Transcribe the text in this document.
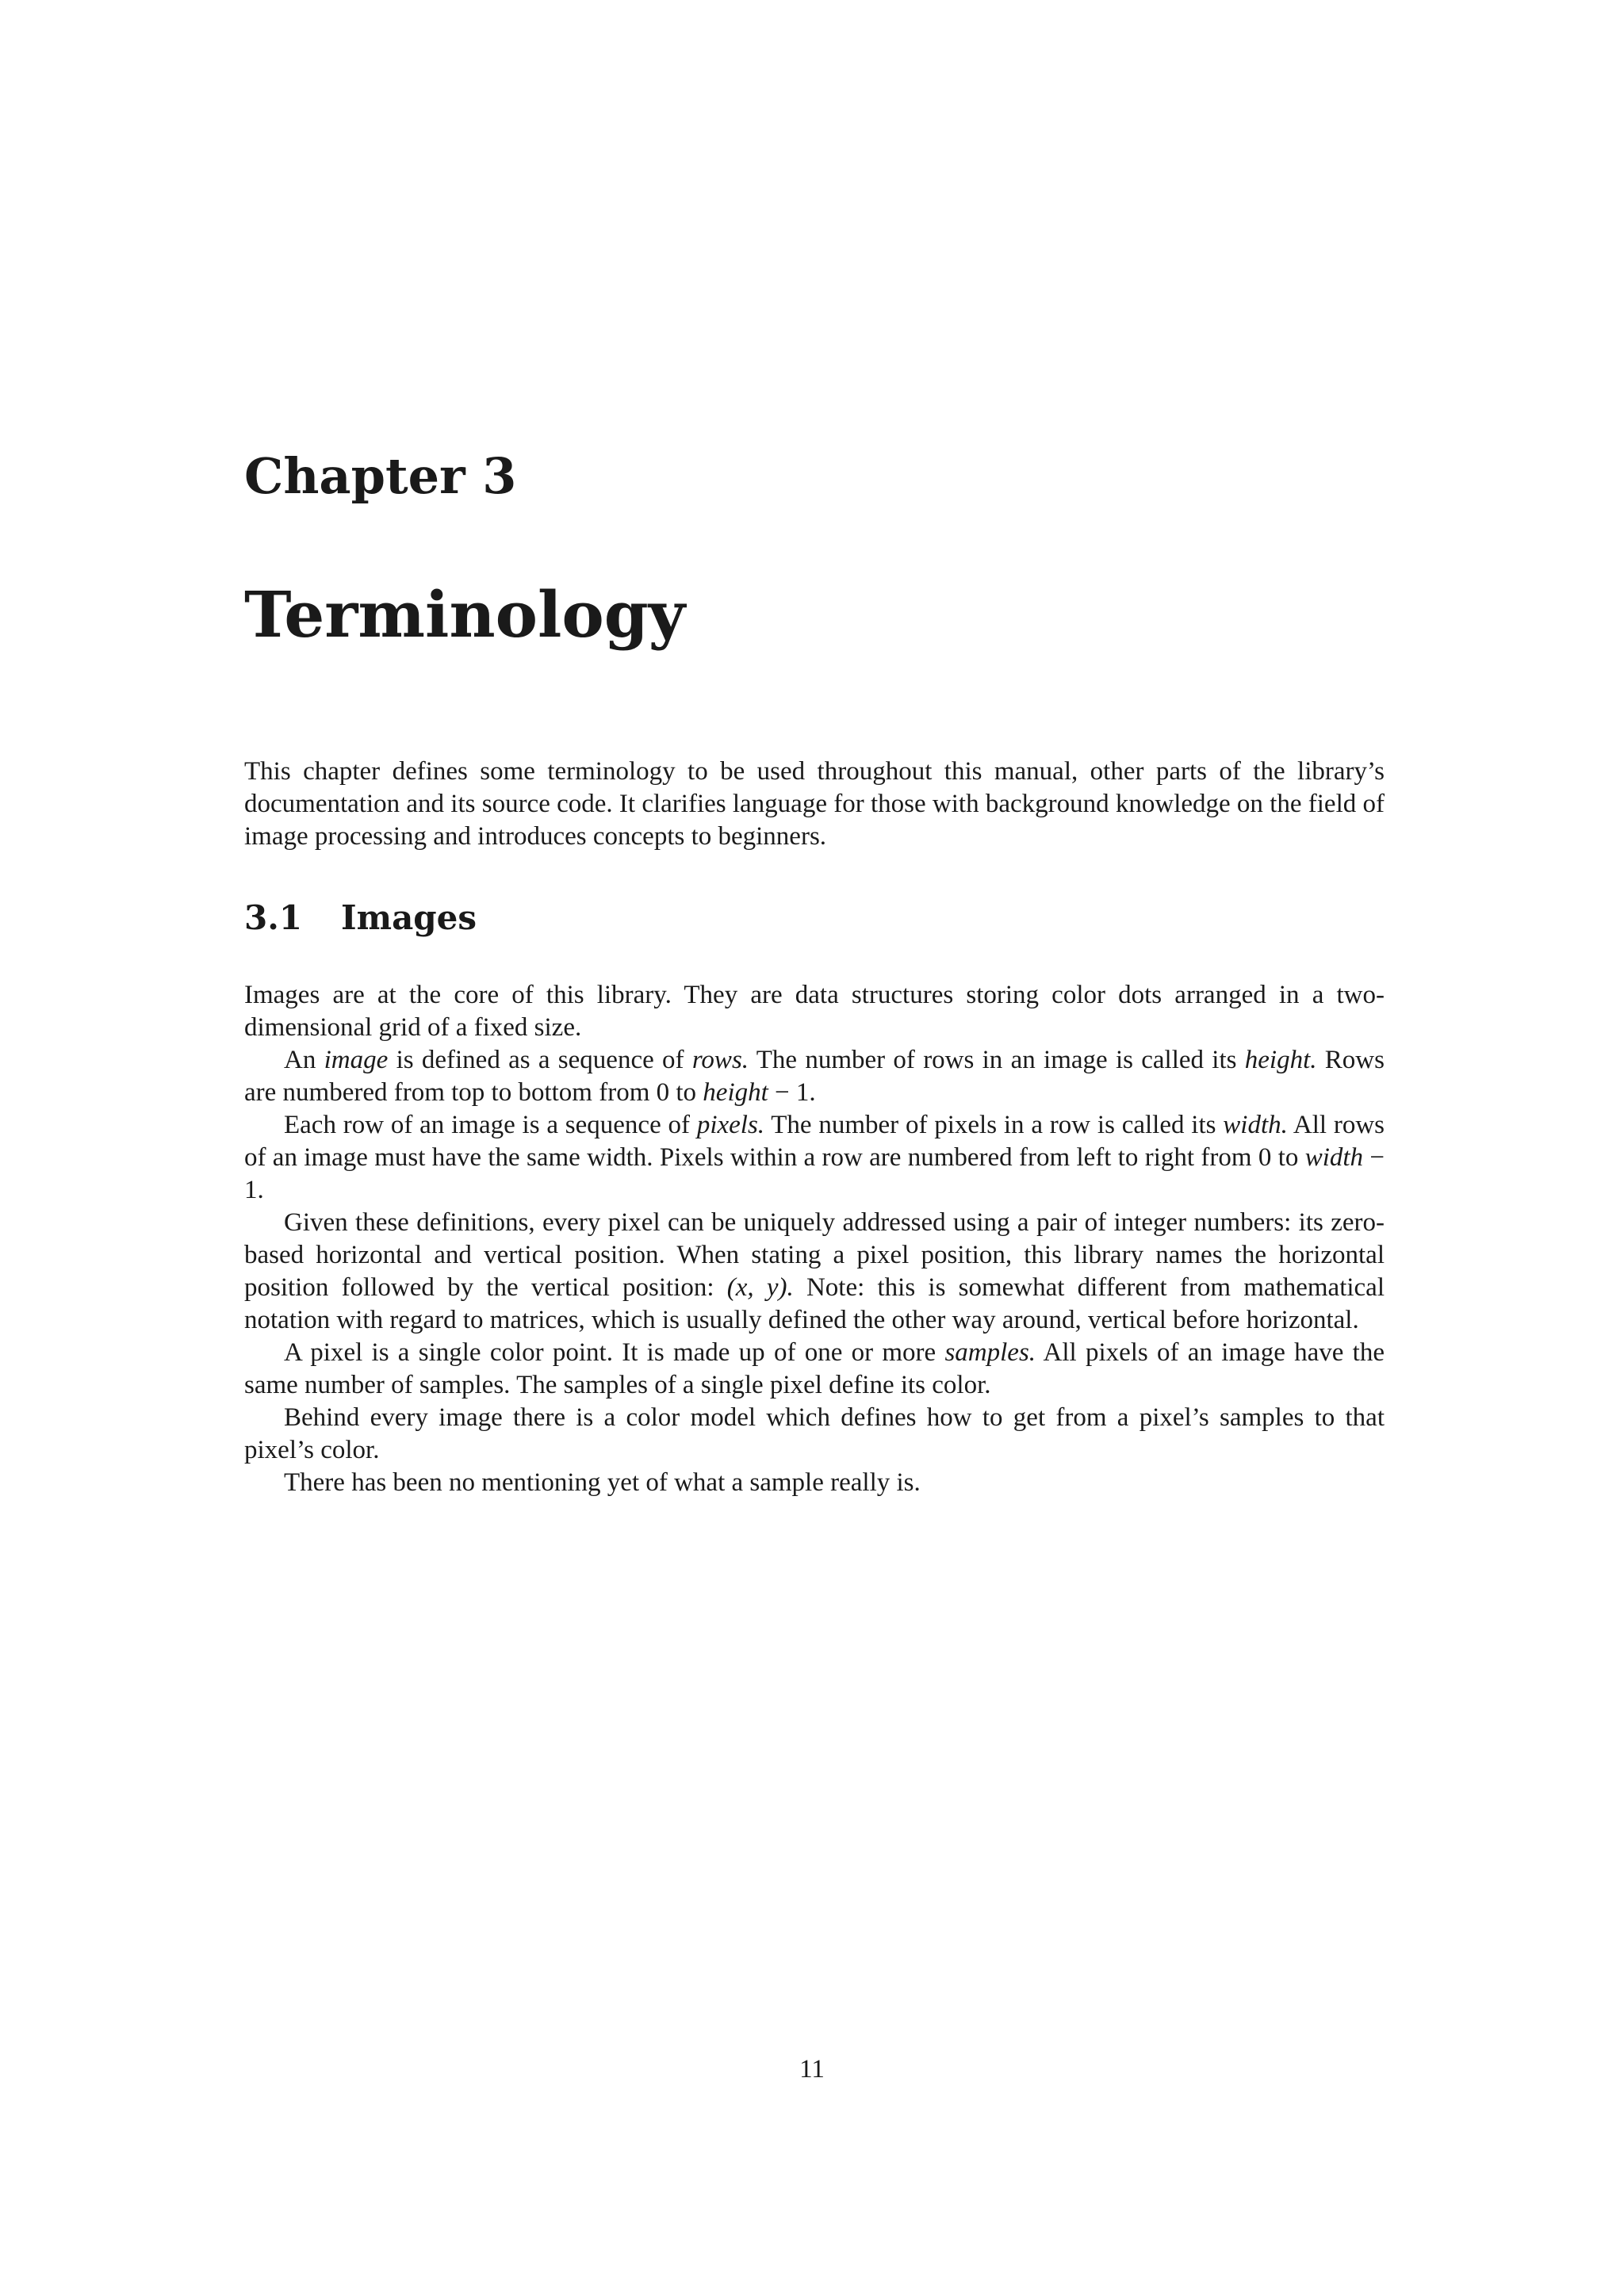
Chapter 3
Terminology

This chapter defines some terminology to be used throughout this manual, other parts of the library’s documentation and its source code. It clarifies language for those with background knowledge on the field of image processing and introduces concepts to beginners.

3.1 Images

Images are at the core of this library. They are data structures storing color dots arranged in a two-dimensional grid of a fixed size.

An image is defined as a sequence of rows. The number of rows in an image is called its height. Rows are numbered from top to bottom from 0 to height − 1.

Each row of an image is a sequence of pixels. The number of pixels in a row is called its width. All rows of an image must have the same width. Pixels within a row are numbered from left to right from 0 to width − 1.

Given these definitions, every pixel can be uniquely addressed using a pair of integer numbers: its zero-based horizontal and vertical position. When stating a pixel position, this library names the horizontal position followed by the vertical position: (x, y). Note: this is somewhat different from mathematical notation with regard to matrices, which is usually defined the other way around, vertical before horizontal.

A pixel is a single color point. It is made up of one or more samples. All pixels of an image have the same number of samples. The samples of a single pixel define its color.

Behind every image there is a color model which defines how to get from a pixel’s samples to that pixel’s color.

There has been no mentioning yet of what a sample really is.

11
